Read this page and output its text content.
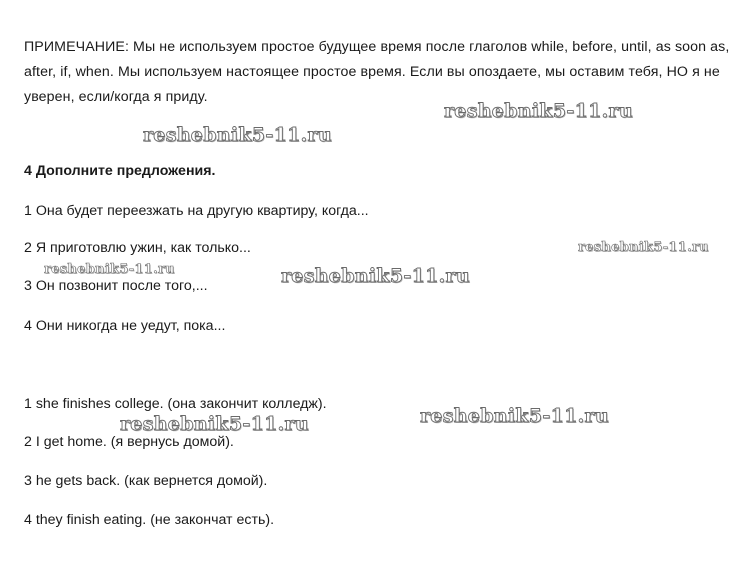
ПРИМЕЧАНИЕ: Мы не используем простое будущее время после глаголов while, before, until, as soon as, after, if, when. Мы используем настоящее простое время. Если вы опоздаете, мы оставим тебя, НО я не уверен, если/когда я приду.

4 Дополните предложения.
1 Она будет переезжать на другую квартиру, когда...
2 Я приготовлю ужин, как только...
3 Он позвонит после того,...
4 Они никогда не уедут, пока...
1 she finishes college. (она закончит колледж).
2 I get home. (я вернусь домой).
3 he gets back. (как вернется домой).
4 they finish eating. (не закончат есть).
reshebnik5-11.ru
reshebnik5-11.ru
reshebnik5-11.ru
reshebnik5-11.ru	reshebnik5-11.ru
reshebnik5-11.ru
reshebnik5-11.ru
